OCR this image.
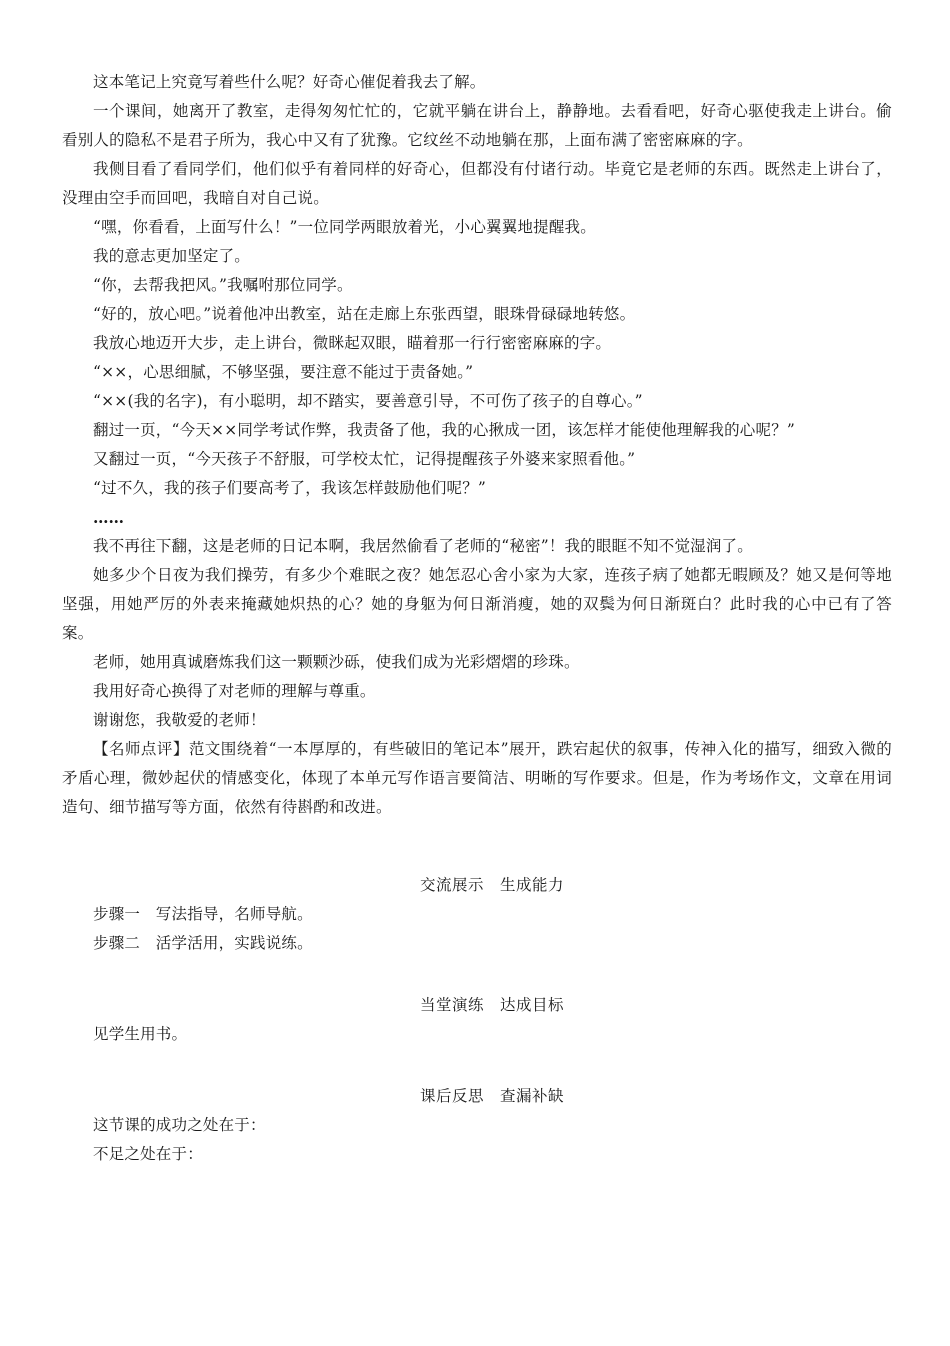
这本笔记上究竟写着些什么呢？好奇心催促着我去了解。

一个课间，她离开了教室，走得匆匆忙忙的，它就平躺在讲台上，静静地。去看看吧，好奇心驱使我走上讲台。偷看别人的隐私不是君子所为，我心中又有了犹豫。它纹丝不动地躺在那，上面布满了密密麻麻的字。

我侧目看了看同学们，他们似乎有着同样的好奇心，但都没有付诸行动。毕竟它是老师的东西。既然走上讲台了，没理由空手而回吧，我暗自对自己说。

“嘿，你看看，上面写什么！”一位同学两眼放着光，小心翼翼地提醒我。

我的意志更加坚定了。

“你，去帮我把风。”我嘱咐那位同学。

“好的，放心吧。”说着他冲出教室，站在走廊上东张西望，眼珠骨碌碌地转悠。

我放心地迈开大步，走上讲台，微眯起双眼，瞄着那一行行密密麻麻的字。

“××，心思细腻，不够坚强，要注意不能过于责备她。”

“××(我的名字)，有小聪明，却不踏实，要善意引导，不可伤了孩子的自尊心。”

翻过一页，“今天××同学考试作弊，我责备了他，我的心揪成一团，该怎样才能使他理解我的心呢？”

又翻过一页，“今天孩子不舒服，可学校太忙，记得提醒孩子外婆来家照看他。”

“过不久，我的孩子们要高考了，我该怎样鼓励他们呢？”

……

我不再往下翻，这是老师的日记本啊，我居然偷看了老师的“秘密”！我的眼眶不知不觉湿润了。

她多少个日夜为我们操劳，有多少个难眠之夜？她怎忍心舍小家为大家，连孩子病了她都无暇顾及？她又是何等地坚强，用她严厉的外表来掩藏她炽热的心？她的身躯为何日渐消瘦，她的双鬓为何日渐斑白？此时我的心中已有了答案。

老师，她用真诚磨炼我们这一颗颗沙砾，使我们成为光彩熠熠的珍珠。

我用好奇心换得了对老师的理解与尊重。

谢谢您，我敬爱的老师！

【名师点评】范文围绕着“一本厚厚的，有些破旧的笔记本”展开，跌宕起伏的叙事，传神入化的描写，细致入微的矛盾心理，微妙起伏的情感变化，体现了本单元写作语言要简洁、明晰的写作要求。但是，作为考场作文，文章在用词造句、细节描写等方面，依然有待斟酌和改进。

交流展示　生成能力

步骤一　写法指导，名师导航。

步骤二　活学活用，实践说练。

当堂演练　达成目标

见学生用书。

课后反思　查漏补缺

这节课的成功之处在于：

不足之处在于：
